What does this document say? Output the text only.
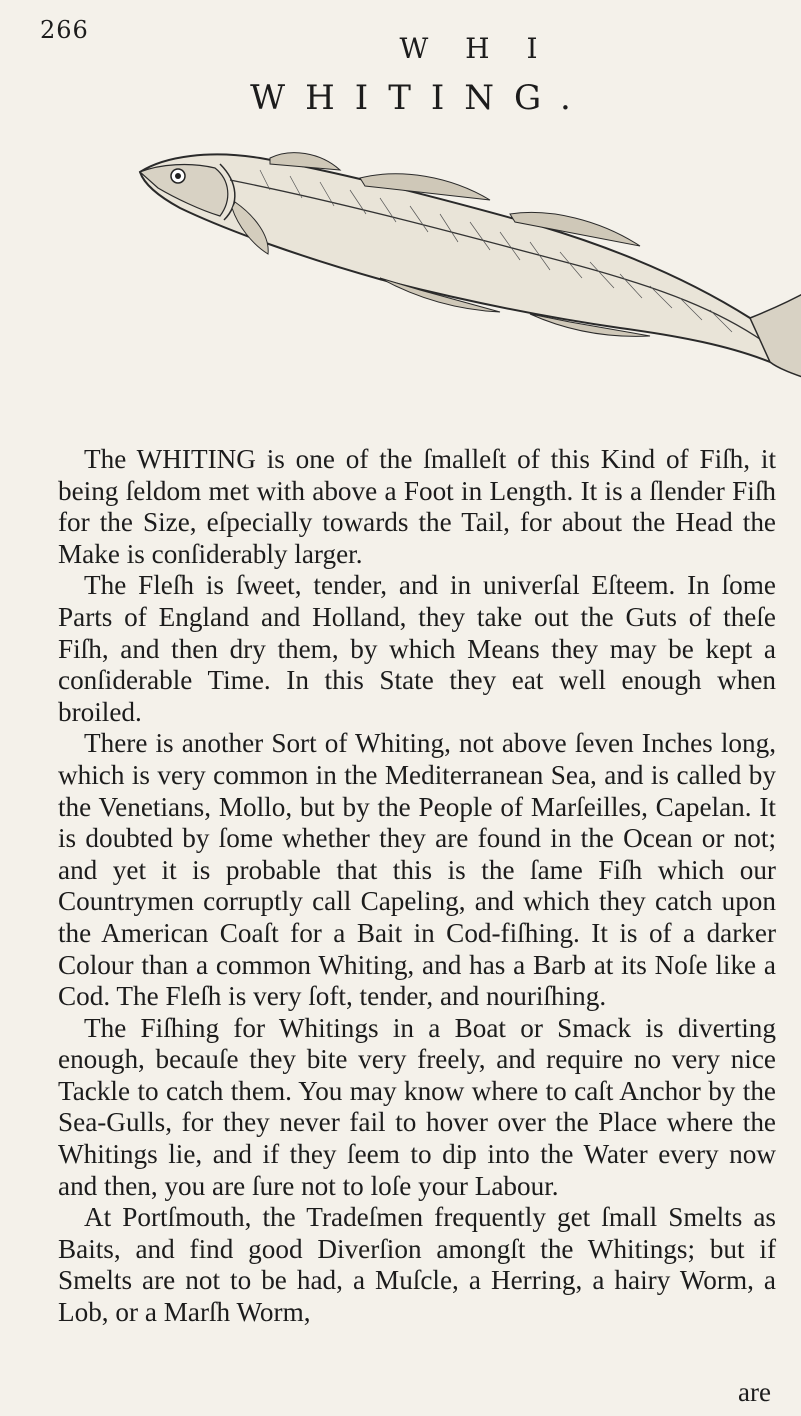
266
W H I
WHITING.

The WHITING is one of the ſmalleſt of this Kind of Fiſh, it being ſeldom met with above a Foot in Length. It is a ſlender Fiſh for the Size, eſpecially towards the Tail, for about the Head the Make is conſiderably larger.

The Fleſh is ſweet, tender, and in univerſal Eſteem. In ſome Parts of England and Holland, they take out the Guts of theſe Fiſh, and then dry them, by which Means they may be kept a conſiderable Time. In this State they eat well enough when broiled.

There is another Sort of Whiting, not above ſeven Inches long, which is very common in the Mediterranean Sea, and is called by the Venetians, Mollo, but by the People of Marſeilles, Capelan. It is doubted by ſome whether they are found in the Ocean or not; and yet it is probable that this is the ſame Fiſh which our Countrymen corruptly call Capeling, and which they catch upon the American Coaſt for a Bait in Cod-fiſhing. It is of a darker Colour than a common Whiting, and has a Barb at its Noſe like a Cod. The Fleſh is very ſoft, tender, and nouriſhing.

The Fiſhing for Whitings in a Boat or Smack is diverting enough, becauſe they bite very freely, and require no very nice Tackle to catch them. You may know where to caſt Anchor by the Sea-Gulls, for they never fail to hover over the Place where the Whitings lie, and if they ſeem to dip into the Water every now and then, you are ſure not to loſe your Labour.

At Portſmouth, the Tradeſmen frequently get ſmall Smelts as Baits, and find good Diverſion amongſt the Whitings; but if Smelts are not to be had, a Muſcle, a Herring, a hairy Worm, a Lob, or a Marſh Worm,

are
